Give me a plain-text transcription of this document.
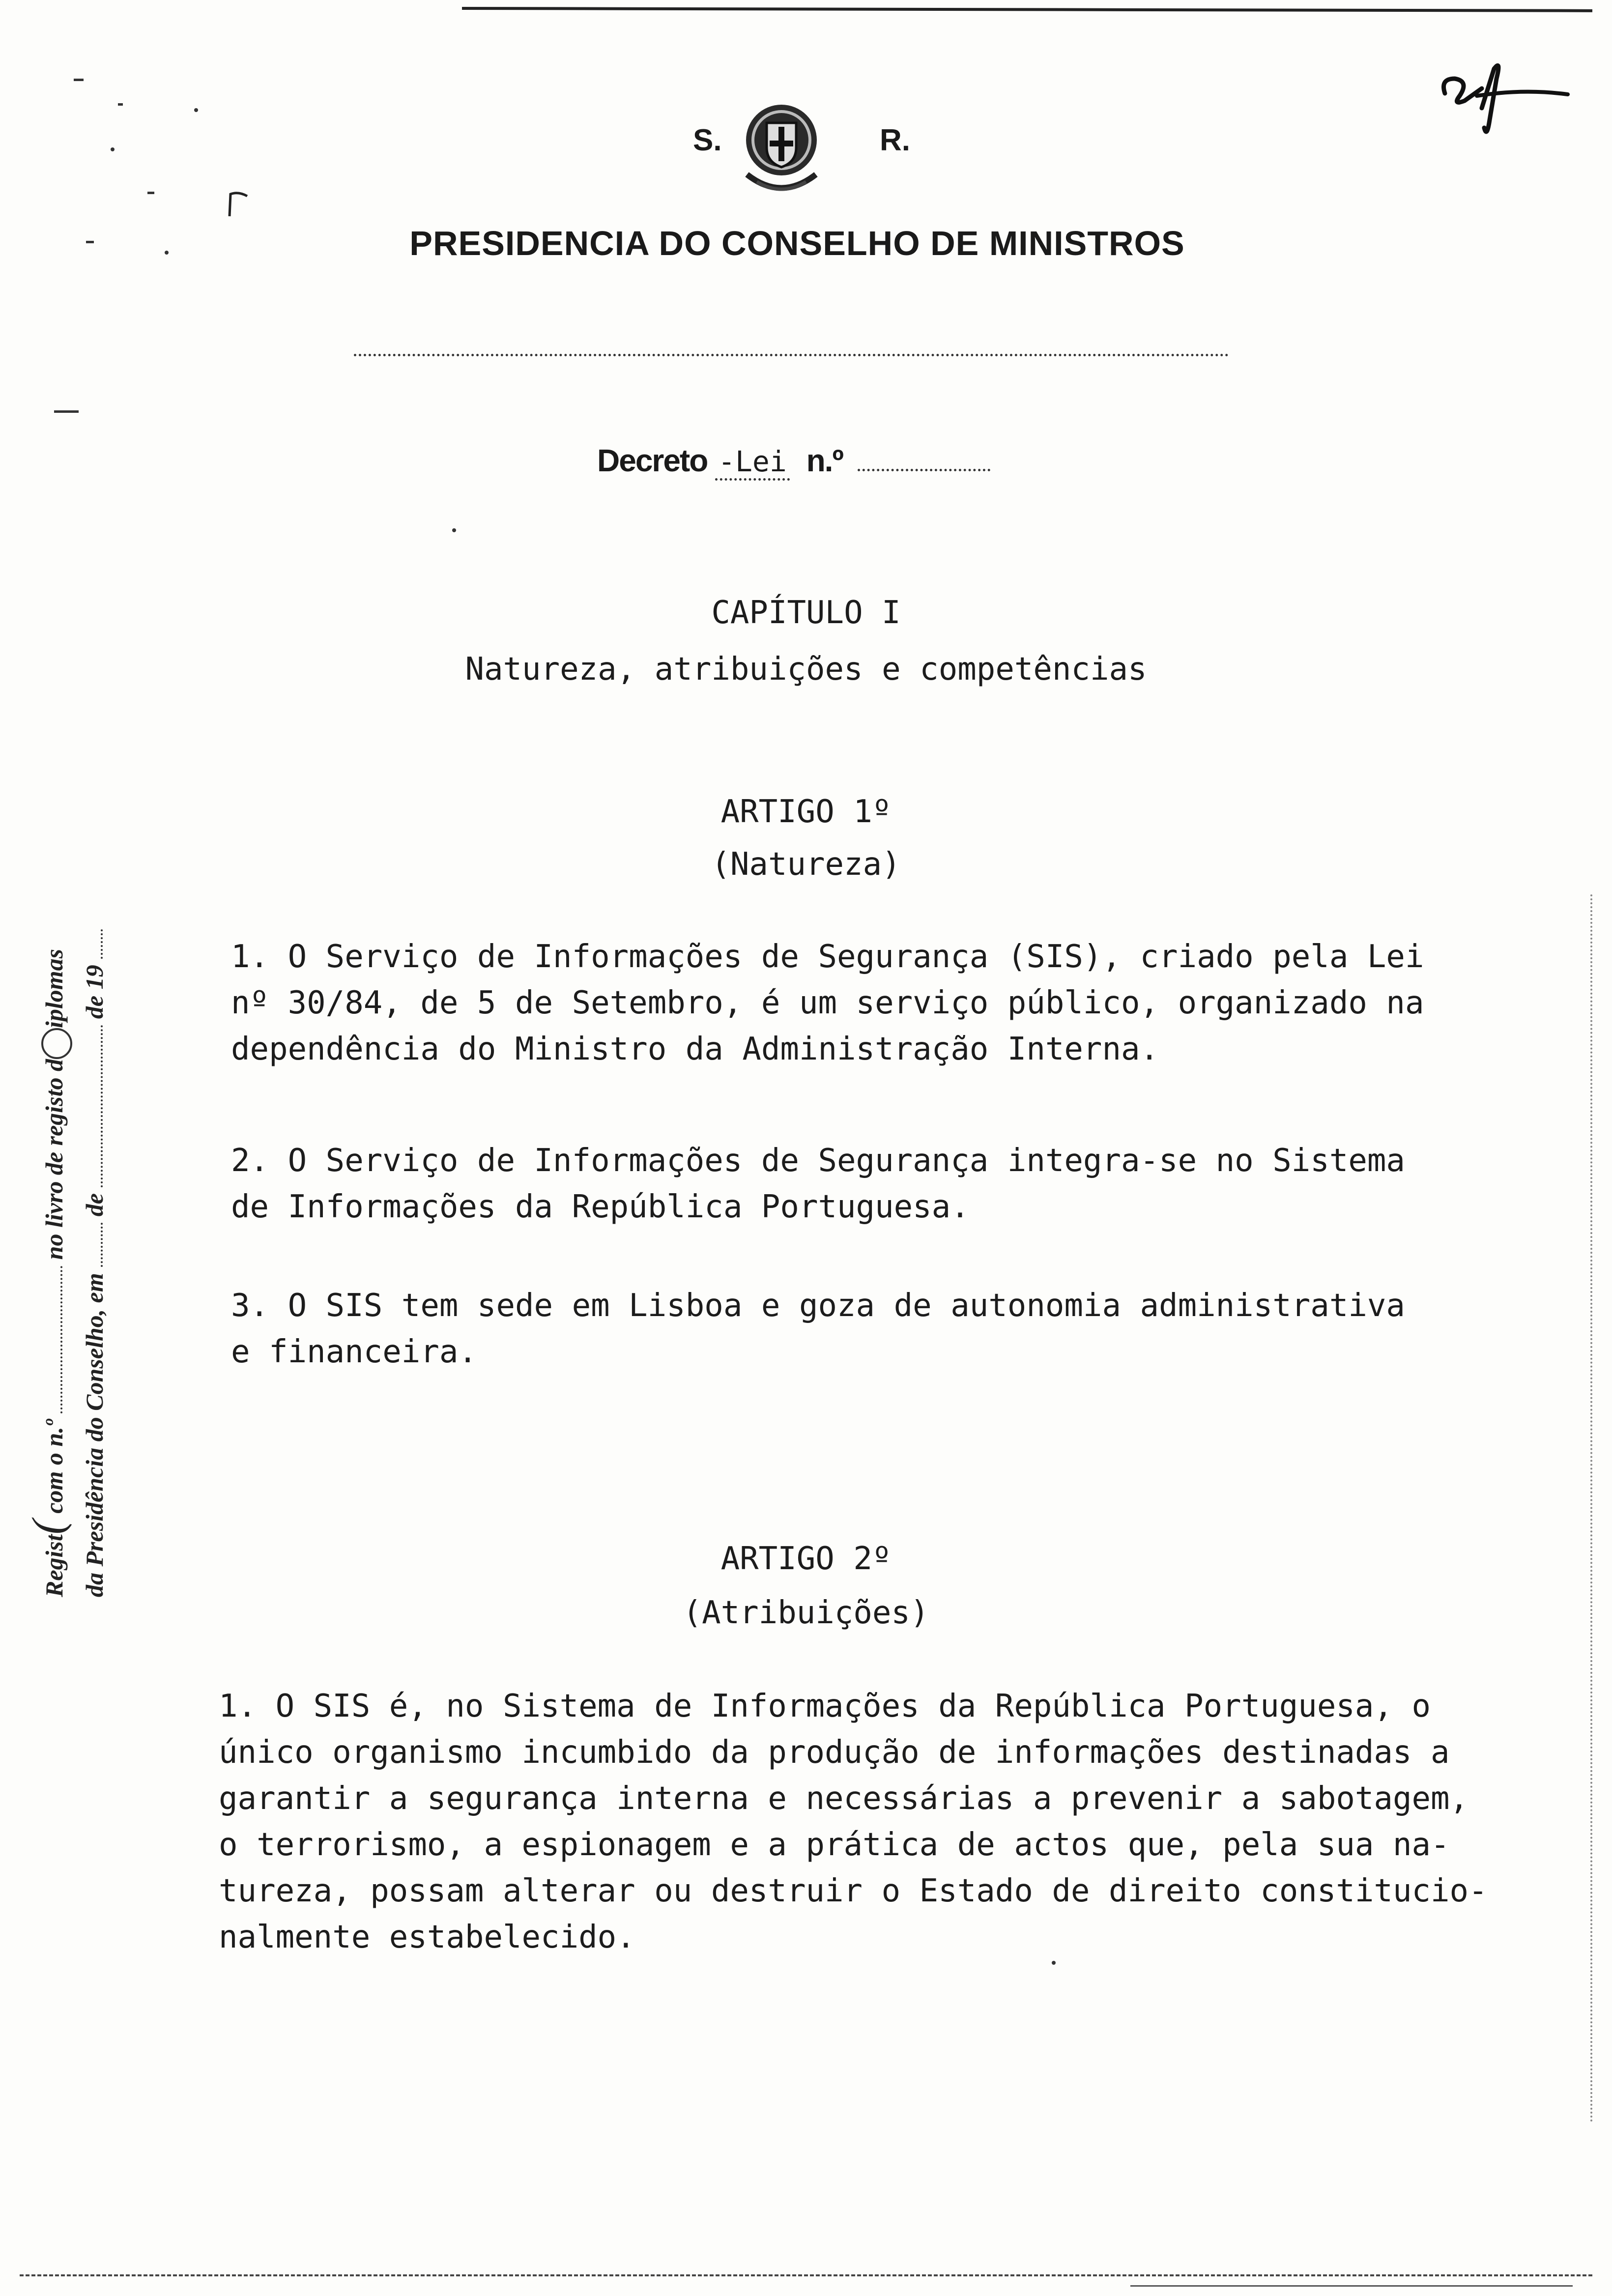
S.	R.
PRESIDENCIA DO CONSELHO DE MINISTROS
Decreto -Lei n.º
CAPÍTULO I
Natureza, atribuições e competências
ARTIGO 1º
(Natureza)
1. O Serviço de Informações de Segurança (SIS), criado pela Lei
nº 30/84, de 5 de Setembro, é um serviço público, organizado na
dependência do Ministro da Administração Interna.
2. O Serviço de Informações de Segurança integra-se no Sistema
de Informações da República Portuguesa.
3. O SIS tem sede em Lisboa e goza de autonomia administrativa
e financeira.
ARTIGO 2º
(Atribuições)
1. O SIS é, no Sistema de Informações da República Portuguesa, o
único organismo incumbido da produção de informações destinadas a
garantir a segurança interna e necessárias a prevenir a sabotagem,
o terrorismo, a espionagem e a prática de actos que, pela sua na-
tureza, possam alterar ou destruir o Estado de direito constitucio-
nalmente estabelecido.
Regist( com o n.º  no livro de registo diplomas
da Presidência do Conselho, em  de  de 19
